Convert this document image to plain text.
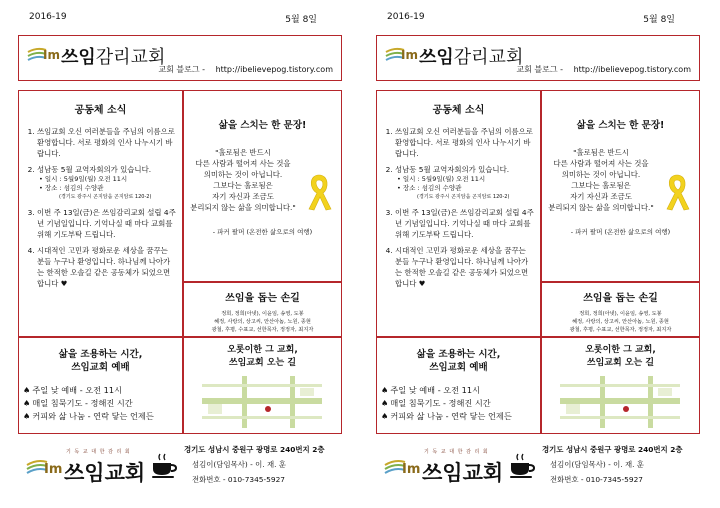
2016-19	5월 8일
Im 쓰임감리교회
교회 블로그 - http://ibelievepog.tistory.com
공동체 소식
1. 쓰임교회 오신 여러분들을 주님의 이름으로 환영합니다. 서로 평화의 인사 나누시기 바랍니다.
2. 성남동 5월 교역자회의가 있습니다.
• 일시 : 5월9일(월) 오전 11시
• 장소 : 섬김의 수양관
(경기도 광주시 곤지암읍 곤지암로 120-2)
3. 이번 주 13일(금)은 쓰임감리교회 설립 4주년 기념일입니다. 기억나실 때 마다 교회를 위해 기도부탁 드립니다.
4. 시대적인 고민과 평화로운 세상을 꿈꾸는 분들 누구나 환영입니다. 하나님께 나아가는 한적한 오솔길 같은 공동체가 되었으면 합니다 ♥
삶을 스치는 한 문장!
"홀로됨은 반드시
다른 사람과 떨어져 사는 것을
의미하는 것이 아닙니다.
그보다는 홀로됨은
자기 자신과 조금도
분리되지 않는 삶을 의미합니다."
- 파커 팔머 (온전한 삶으로의 여행)
쓰임을 돕는 손길
정희, 정희(아넷), 이윤임, 송영, 도봉
혜정, 사랑의, 상고씨, 안산아놈, 노원, 종현
광철, 후평, 수표교, 선한목자, 정정자, 최지자
삶을 조용하는 시간,
쓰임교회 예배
♠ 주일 낮 예배 - 오전 11시
♠ 매일 침묵기도 - 정해진 시간
♠ 커피와 삶 나눔 - 연락 닿는 언제든
오롯이한 그 교회,
쓰임교회 오는 길
기 독 교 대 한 감 리 회
Im 쓰임교회
경기도 성남시 중원구 광명로 240번지 2층
섬김이(담임목사) - 이. 재. 훈
전화번호 - 010-7345-5927
2016-19	5월 8일
Im 쓰임감리교회
교회 블로그 - http://ibelievepog.tistory.com
공동체 소식
1. 쓰임교회 오신 여러분들을 주님의 이름으로 환영합니다. 서로 평화의 인사 나누시기 바랍니다.
2. 성남동 5월 교역자회의가 있습니다.
• 일시 : 5월9일(월) 오전 11시
• 장소 : 섬김의 수양관
(경기도 광주시 곤지암읍 곤지암로 120-2)
3. 이번 주 13일(금)은 쓰임감리교회 설립 4주년 기념일입니다. 기억나실 때 마다 교회를 위해 기도부탁 드립니다.
4. 시대적인 고민과 평화로운 세상을 꿈꾸는 분들 누구나 환영입니다. 하나님께 나아가는 한적한 오솔길 같은 공동체가 되었으면 합니다 ♥
삶을 스치는 한 문장!
"홀로됨은 반드시
다른 사람과 떨어져 사는 것을
의미하는 것이 아닙니다.
그보다는 홀로됨은
자기 자신과 조금도
분리되지 않는 삶을 의미합니다."
- 파커 팔머 (온전한 삶으로의 여행)
쓰임을 돕는 손길
정희, 정희(아넷), 이윤임, 송영, 도봉
혜정, 사랑의, 상고씨, 안산아놈, 노원, 종현
광철, 후평, 수표교, 선한목자, 정정자, 최지자
삶을 조용하는 시간,
쓰임교회 예배
♠ 주일 낮 예배 - 오전 11시
♠ 매일 침묵기도 - 정해진 시간
♠ 커피와 삶 나눔 - 연락 닿는 언제든
오롯이한 그 교회,
쓰임교회 오는 길
기 독 교 대 한 감 리 회
Im 쓰임교회
경기도 성남시 중원구 광명로 240번지 2층
섬김이(담임목사) - 이. 재. 훈
전화번호 - 010-7345-5927
